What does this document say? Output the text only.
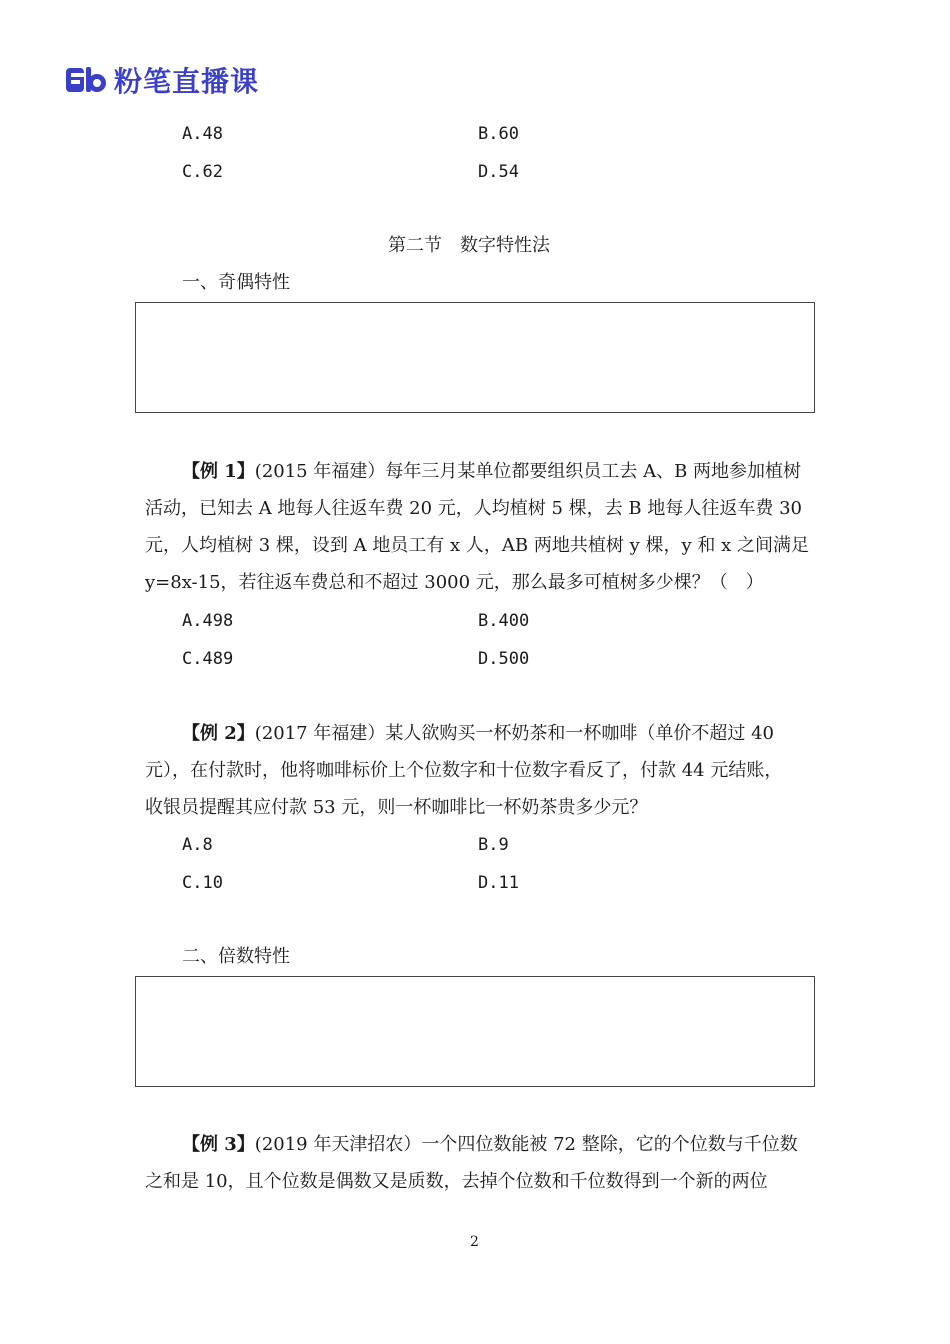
粉笔直播课
A.48	B.60
C.62	D.54
第二节　数字特性法
一、奇偶特性
【例 1】(2015 年福建）每年三月某单位都要组织员工去 A、B 两地参加植树
活动，已知去 A 地每人往返车费 20 元，人均植树 5 棵，去 B 地每人往返车费 30
元，人均植树 3 棵，设到 A 地员工有 x 人，AB 两地共植树 y 棵，y 和 x 之间满足
y=8x-15，若往返车费总和不超过 3000 元，那么最多可植树多少棵？（　）
A.498	B.400
C.489	D.500
【例 2】(2017 年福建）某人欲购买一杯奶茶和一杯咖啡（单价不超过 40
元），在付款时，他将咖啡标价上个位数字和十位数字看反了，付款 44 元结账，
收银员提醒其应付款 53 元，则一杯咖啡比一杯奶茶贵多少元？
A.8	B.9
C.10	D.11
二、倍数特性
【例 3】(2019 年天津招农）一个四位数能被 72 整除，它的个位数与千位数
之和是 10，且个位数是偶数又是质数，去掉个位数和千位数得到一个新的两位
2
